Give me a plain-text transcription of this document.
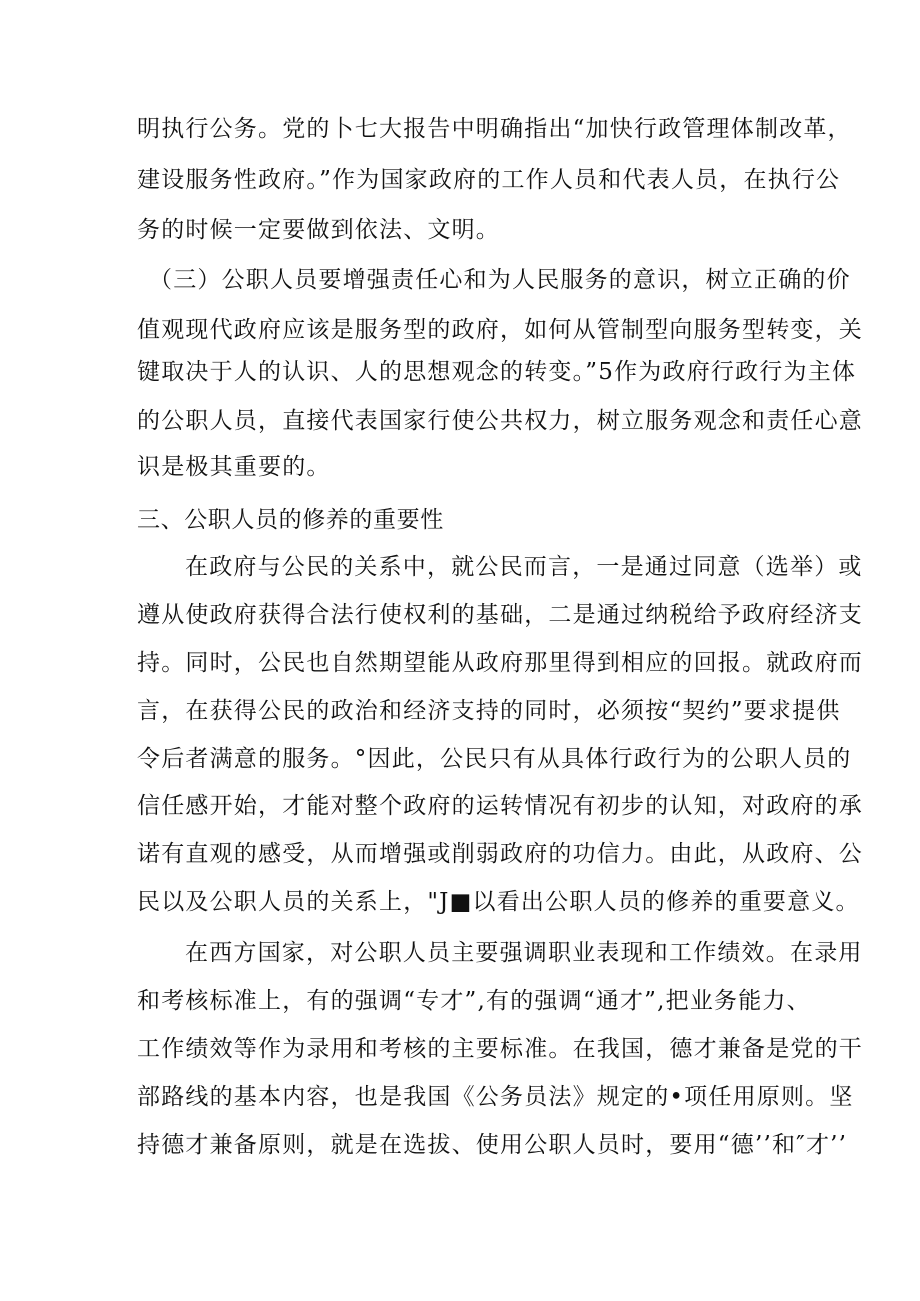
明执行公务。党的卜七大报告中明确指出“加快行政管理体制改革，
建设服务性政府。”作为国家政府的工作人员和代表人员，在执行公
务的时候一定要做到依法、文明。
（三）公职人员要增强责任心和为人民服务的意识，树立正确的价
值观现代政府应该是服务型的政府，如何从管制型向服务型转变，关
键取决于人的认识、人的思想观念的转变。”5作为政府行政行为主体
的公职人员，直接代表国家行使公共权力，树立服务观念和责任心意
识是极其重要的。
三、公职人员的修养的重要性
在政府与公民的关系中，就公民而言，一是通过同意（选举）或
遵从使政府获得合法行使权利的基础，二是通过纳税给予政府经济支
持。同时，公民也自然期望能从政府那里得到相应的回报。就政府而
言，在获得公民的政治和经济支持的同时，必须按“契约”要求提供
令后者满意的服务。°因此，公民只有从具体行政行为的公职人员的
信任感开始，才能对整个政府的运转情况有初步的认知，对政府的承
诺有直观的感受，从而增强或削弱政府的功信力。由此，从政府、公
民以及公职人员的关系上，"J■以看出公职人员的修养的重要意义。
在西方国家，对公职人员主要强调职业表现和工作绩效。在录用
和考核标准上，有的强调“专才”,有的强调“通才”,把业务能力、
工作绩效等作为录用和考核的主要标准。在我国，德才兼备是党的干
部路线的基本内容，也是我国《公务员法》规定的•项任用原则。坚
持德才兼备原则，就是在选拔、使用公职人员时，要用“德’’和″才’’
